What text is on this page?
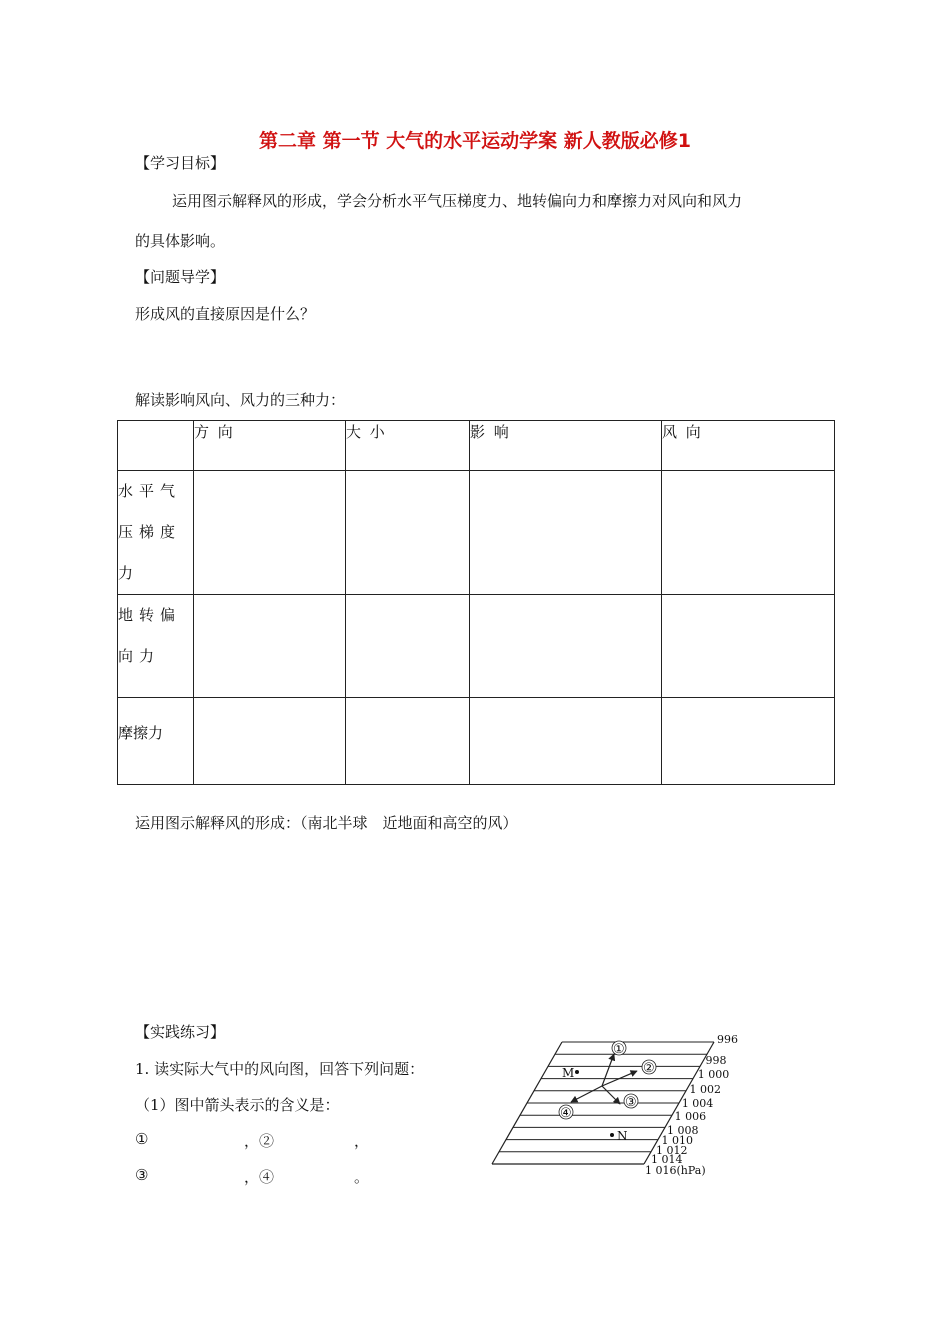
第二章 第一节 大气的水平运动学案 新人教版必修1
【学习目标】
运用图示解释风的形成，学会分析水平气压梯度力、地转偏向力和摩擦力对风向和风力
的具体影响。
【问题导学】
形成风的直接原因是什么？
解读影响风向、风力的三种力：
	方 向	大 小	影 响	风 向
水平气压梯度力				
地转偏向力				
摩擦力				
运用图示解释风的形成：（南北半球　近地面和高空的风）
【实践练习】
1. 读实际大气中的风向图，回答下列问题：
（1）图中箭头表示的含义是：
①	，②	，
③	，④	。
996
998
1 000
1 002
1 004
1 006
1 008
1 010
1 012
1 014
1 016(hPa)
M
N
①
②
③
④
